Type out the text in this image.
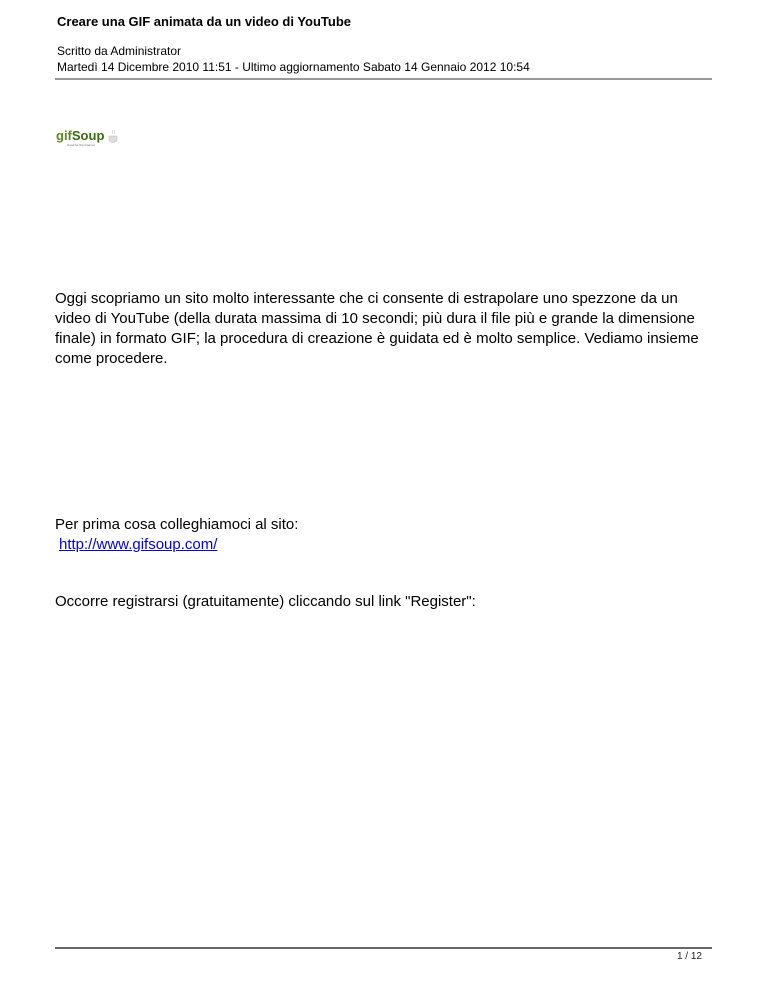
Creare una GIF animata da un video di YouTube
Scritto da Administrator
Martedì 14 Dicembre 2010 11:51 - Ultimo aggiornamento Sabato 14 Gennaio 2012 10:54
gifSoup
Good for the Internet
Oggi scopriamo un sito molto interessante che ci consente di estrapolare uno spezzone da un video di YouTube (della durata massima di 10 secondi; più dura il file più e grande la dimensione finale) in formato GIF; la procedura di creazione è guidata ed è molto semplice. Vediamo insieme come procedere.
Per prima cosa colleghiamoci al sito:
http://www.gifsoup.com/
Occorre registrarsi (gratuitamente) cliccando sul link "Register":
1 / 12
